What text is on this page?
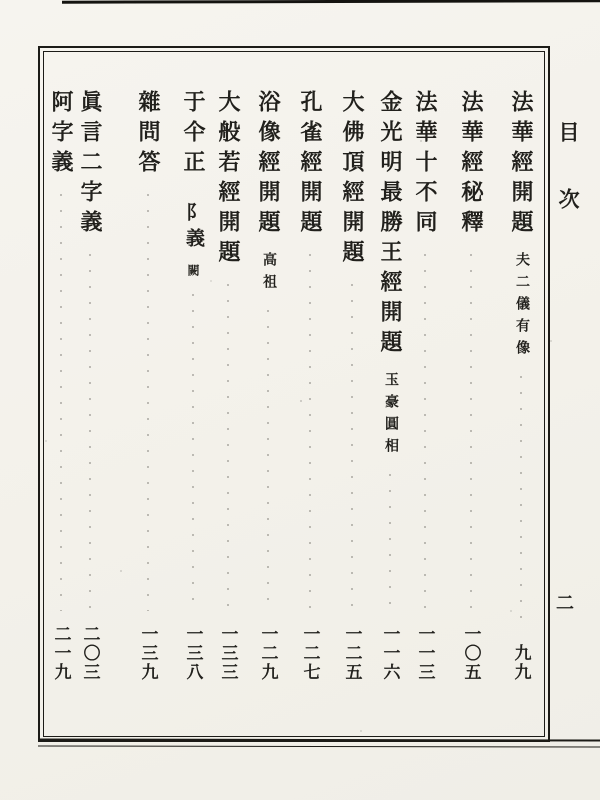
目次
二
法華經開題夫二儀有像
九九
法華經秘釋
一〇五
法華十不同
一一三
金光明最勝王經開題玉豪圓相
一一六
大佛頂經開題
一二五
孔雀經開題
一二七
浴像經開題高祖
一二九
大般若經開題
一三三
于仐正阝義闕
一三八
雜問答
一三九
眞言二字義
二〇三
阿字義
二一九
